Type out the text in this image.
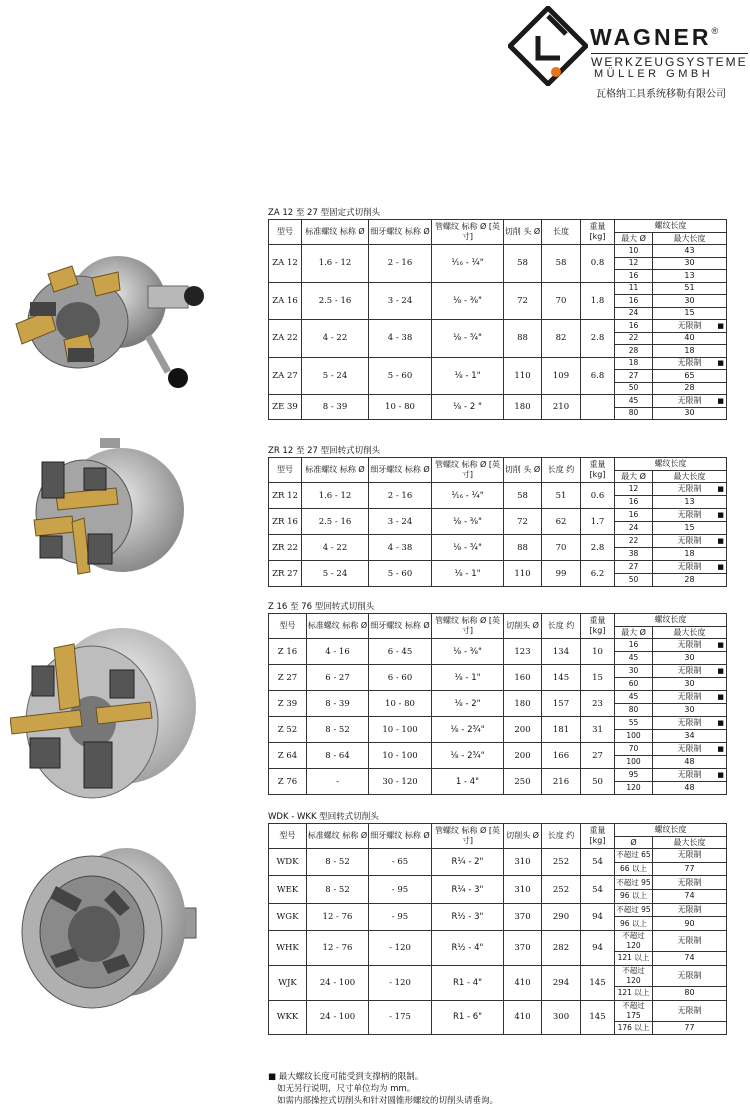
WAGNER®
WERKZEUGSYSTEME
MÜLLER GMBH
瓦格纳工具系统移勒有限公司
ZA 12 至 27 型固定式切削头
型号	标准螺纹 标称 Ø	细牙螺纹 标称 Ø	管螺纹 标称 Ø [英寸]	切削 头 Ø	长度	重量 [kg]	螺纹长度	
							最大 Ø	最大长度
ZA 12	1.6 - 12	2 - 16	¹⁄₁₆ - ¼"	58	58	0.8	10	43
							12	30
							16	13
ZA 16	2.5 - 16	3 - 24	¹⁄₈ - ³⁄₈"	72	70	1.8	11	51
							16	30
							24	15
ZA 22	4 - 22	4 - 38	¹⁄₈ - ¾"	88	82	2.8	16	无限制 ■

							22	40
							28	18
ZA 27	5 - 24	5 - 60	¹⁄₈ - 1"	110	109	6.8	18	无限制 ■

							27	65
							50	28
ZE 39	8 - 39	10 - 80	¹⁄₈ - 2 "	180	210		45	无限制 ■

							80	30
ZR 12 至 27 型回转式切削头
型号	标准螺纹 标称 Ø	细牙螺纹 标称 Ø	管螺纹 标称 Ø [英寸]	切削 头 Ø	长度 约	重量 [kg]	螺纹长度	
							最大 Ø	最大长度
ZR 12	1.6 - 12	2 - 16	¹⁄₁₆ - ¼"	58	51	0.6	12	无限制 ■

							16	13
ZR 16	2.5 - 16	3 - 24	¹⁄₈ - ³⁄₈"	72	62	1.7	16	无限制 ■

							24	15
ZR 22	4 - 22	4 - 38	¹⁄₈ - ¾"	88	70	2.8	22	无限制 ■

							38	18
ZR 27	5 - 24	5 - 60	¹⁄₈ - 1"	110	99	6.2	27	无限制 ■

							50	28
Z 16 至 76 型回转式切削头
型号	标准螺纹 标称 Ø	细牙螺纹 标称 Ø	管螺纹 标称 Ø [英寸]	切削头 Ø	长度 约	重量 [kg]	螺纹长度	
							最大 Ø	最大长度
Z 16	4 - 16	6 - 45	¹⁄₈ - ³⁄₈"	123	134	10	16	无限制 ■

							45	30
Z 27	6 - 27	6 - 60	¹⁄₈ - 1"	160	145	15	30	无限制 ■

							60	30
Z 39	8 - 39	10 - 80	¹⁄₈ - 2"	180	157	23	45	无限制 ■

							80	30
Z 52	8 - 52	10 - 100	¹⁄₈ - 2¾"	200	181	31	55	无限制 ■

							100	34
Z 64	8 - 64	10 - 100	¹⁄₈ - 2¾"	200	166	27	70	无限制 ■

							100	48
Z 76	-	30 - 120	1 - 4"	250	216	50	95	无限制 ■

							120	48
WDK - WKK 型回转式切削头
型号	标准螺纹 标称 Ø	细牙螺纹 标称 Ø	管螺纹 标称 Ø [英寸]	切削头 Ø	长度 约	重量 [kg]	螺纹长度	
							Ø	最大长度
WDK	8 - 52	- 65	R¼ - 2"	310	252	54	不超过 65	无限制
							66 以上	77
WEK	8 - 52	- 95	R¼ - 3"	310	252	54	不超过 95	无限制
							96 以上	74
WGK	12 - 76	- 95	R½ - 3"	370	290	94	不超过 95	无限制
							96 以上	90
WHK	12 - 76	- 120	R½ - 4"	370	282	94	不超过 120	无限制
							121 以上	74
WJK	24 - 100	- 120	R1 - 4"	410	294	145	不超过 120	无限制
							121 以上	80
WKK	24 - 100	- 175	R1 - 6"	410	300	145	不超过 175	无限制
							176 以上	77
■ 最大螺纹长度可能受到支撑柄的限制。
如无另行说明，尺寸单位均为 mm。
如需内部操控式切削头和针对圆锥形螺纹的切削头请垂询。
